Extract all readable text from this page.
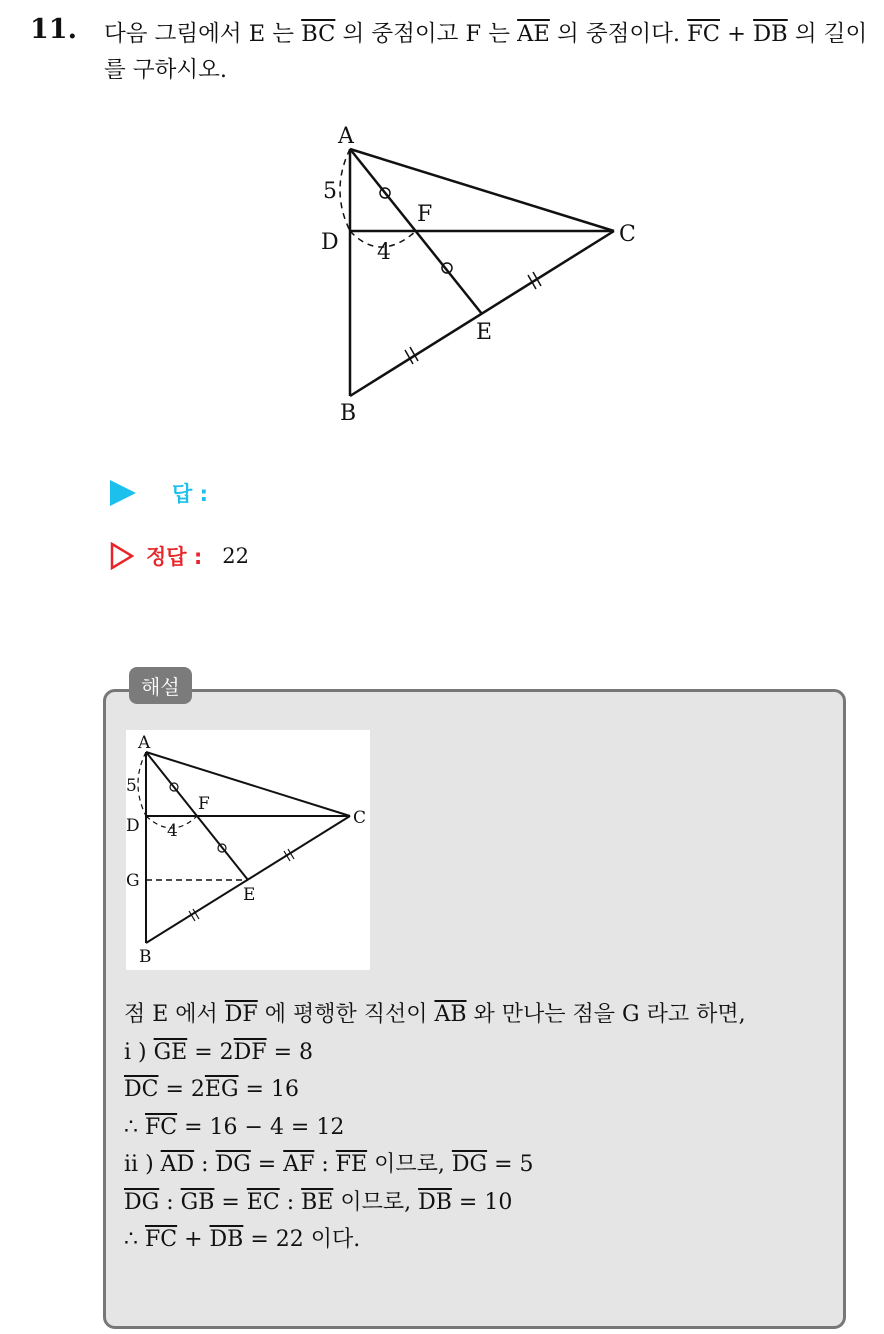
11. 다음 그림에서 E 는 $\overline{BC}$ 의 중점이고 F 는 $\overline{AE}$ 의 중점이다. $\overline{FC} + \overline{DB}$ 의 길이를 구하시오.
A
D
F
C
E
B
5
4
답 :
정답 : 22
해설
A
D
F
C
G
E
B
5
4
점 E 에서 $\overline{DF}$ 에 평행한 직선이 $\overline{AB}$ 와 만나는 점을 G 라고 하면,
i ) $\overline{GE} = 2\overline{DF} = 8$
$\overline{DC} = 2\overline{EG} = 16$
∴ $\overline{FC} = 16 - 4 = 12$
ii ) $\overline{AD}$ : $\overline{DG} = \overline{AF}$ : $\overline{FE}$ 이므로, $\overline{DG} = 5$
$\overline{DG}$ : $\overline{GB} = \overline{EC}$ : $\overline{BE}$ 이므로, $\overline{DB} = 10$
∴ $\overline{FC} + \overline{DB} = 22$ 이다.
